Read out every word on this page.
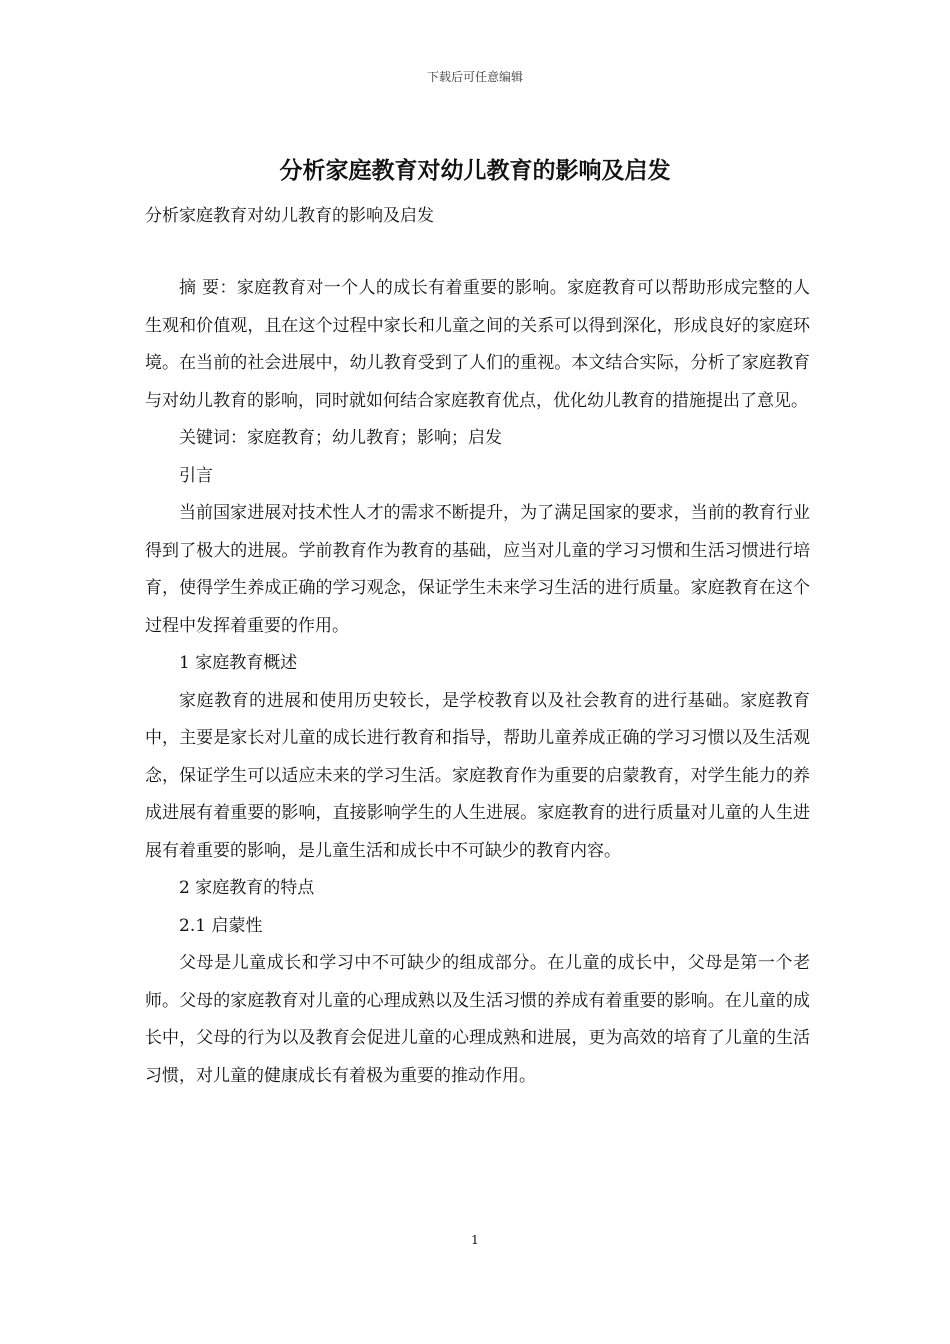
下载后可任意编辑
分析家庭教育对幼儿教育的影响及启发

分析家庭教育对幼儿教育的影响及启发

摘 要：家庭教育对一个人的成长有着重要的影响。家庭教育可以帮助形成完整的人生观和价值观，且在这个过程中家长和儿童之间的关系可以得到深化，形成良好的家庭环境。在当前的社会进展中，幼儿教育受到了人们的重视。本文结合实际，分析了家庭教育与对幼儿教育的影响，同时就如何结合家庭教育优点，优化幼儿教育的措施提出了意见。

关键词：家庭教育；幼儿教育；影响；启发

引言

当前国家进展对技术性人才的需求不断提升，为了满足国家的要求，当前的教育行业得到了极大的进展。学前教育作为教育的基础，应当对儿童的学习习惯和生活习惯进行培育，使得学生养成正确的学习观念，保证学生未来学习生活的进行质量。家庭教育在这个过程中发挥着重要的作用。

1 家庭教育概述

家庭教育的进展和使用历史较长，是学校教育以及社会教育的进行基础。家庭教育中，主要是家长对儿童的成长进行教育和指导，帮助儿童养成正确的学习习惯以及生活观念，保证学生可以适应未来的学习生活。家庭教育作为重要的启蒙教育，对学生能力的养成进展有着重要的影响，直接影响学生的人生进展。家庭教育的进行质量对儿童的人生进展有着重要的影响，是儿童生活和成长中不可缺少的教育内容。

2 家庭教育的特点

2.1 启蒙性

父母是儿童成长和学习中不可缺少的组成部分。在儿童的成长中，父母是第一个老师。父母的家庭教育对儿童的心理成熟以及生活习惯的养成有着重要的影响。在儿童的成长中，父母的行为以及教育会促进儿童的心理成熟和进展，更为高效的培育了儿童的生活习惯，对儿童的健康成长有着极为重要的推动作用。

1
